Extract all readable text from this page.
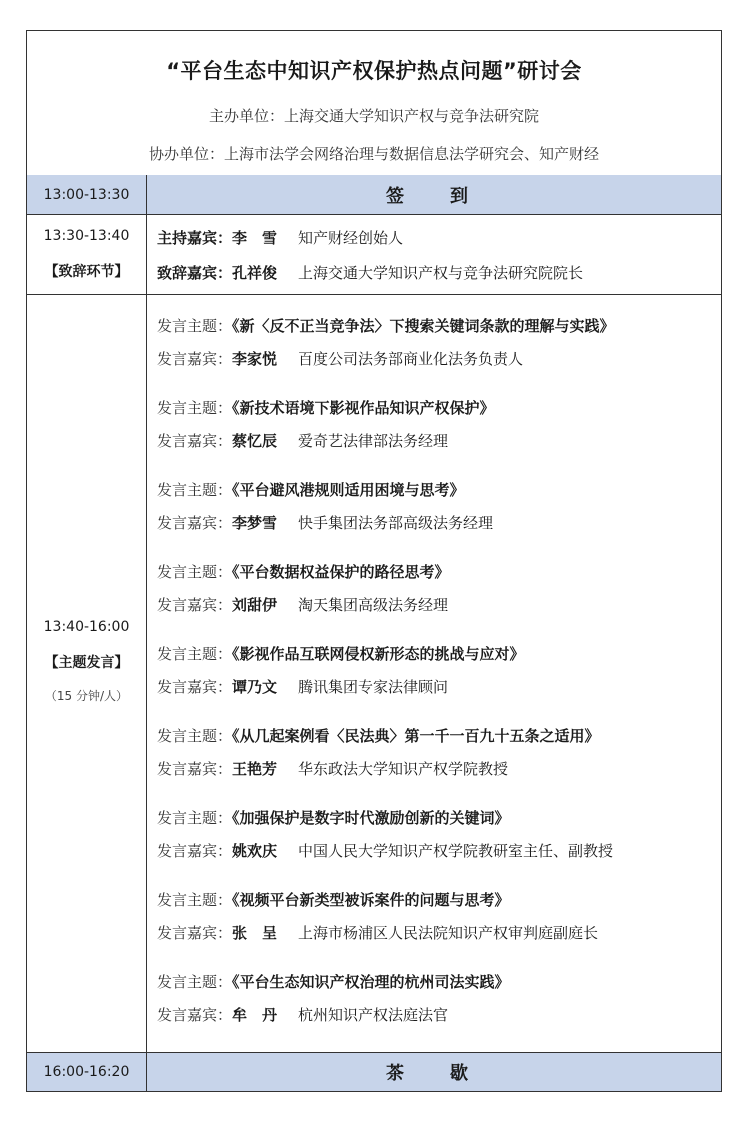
“平台生态中知识产权保护热点问题”研讨会
主办单位：上海交通大学知识产权与竞争法研究院
协办单位：上海市法学会网络治理与数据信息法学研究会、知产财经
13:00-13:30	签　到
13:30-13:40
【致辞环节】
主持嘉宾：李　雪 知产财经创始人
致辞嘉宾：孔祥俊 上海交通大学知识产权与竞争法研究院院长
13:40-16:00
【主题发言】
（15 分钟/人）
发言主题：《新〈反不正当竞争法〉下搜索关键词条款的理解与实践》
发言嘉宾：李家悦 百度公司法务部商业化法务负责人
发言主题：《新技术语境下影视作品知识产权保护》
发言嘉宾：蔡忆辰 爱奇艺法律部法务经理
发言主题：《平台避风港规则适用困境与思考》
发言嘉宾：李梦雪 快手集团法务部高级法务经理
发言主题：《平台数据权益保护的路径思考》
发言嘉宾：刘甜伊 淘天集团高级法务经理
发言主题：《影视作品互联网侵权新形态的挑战与应对》
发言嘉宾：谭乃文 腾讯集团专家法律顾问
发言主题：《从几起案例看〈民法典〉第一千一百九十五条之适用》
发言嘉宾：王艳芳 华东政法大学知识产权学院教授
发言主题：《加强保护是数字时代激励创新的关键词》
发言嘉宾：姚欢庆 中国人民大学知识产权学院教研室主任、副教授
发言主题：《视频平台新类型被诉案件的问题与思考》
发言嘉宾：张　呈 上海市杨浦区人民法院知识产权审判庭副庭长
发言主题：《平台生态知识产权治理的杭州司法实践》
发言嘉宾：牟　丹 杭州知识产权法庭法官
16:00-16:20	茶　歇
